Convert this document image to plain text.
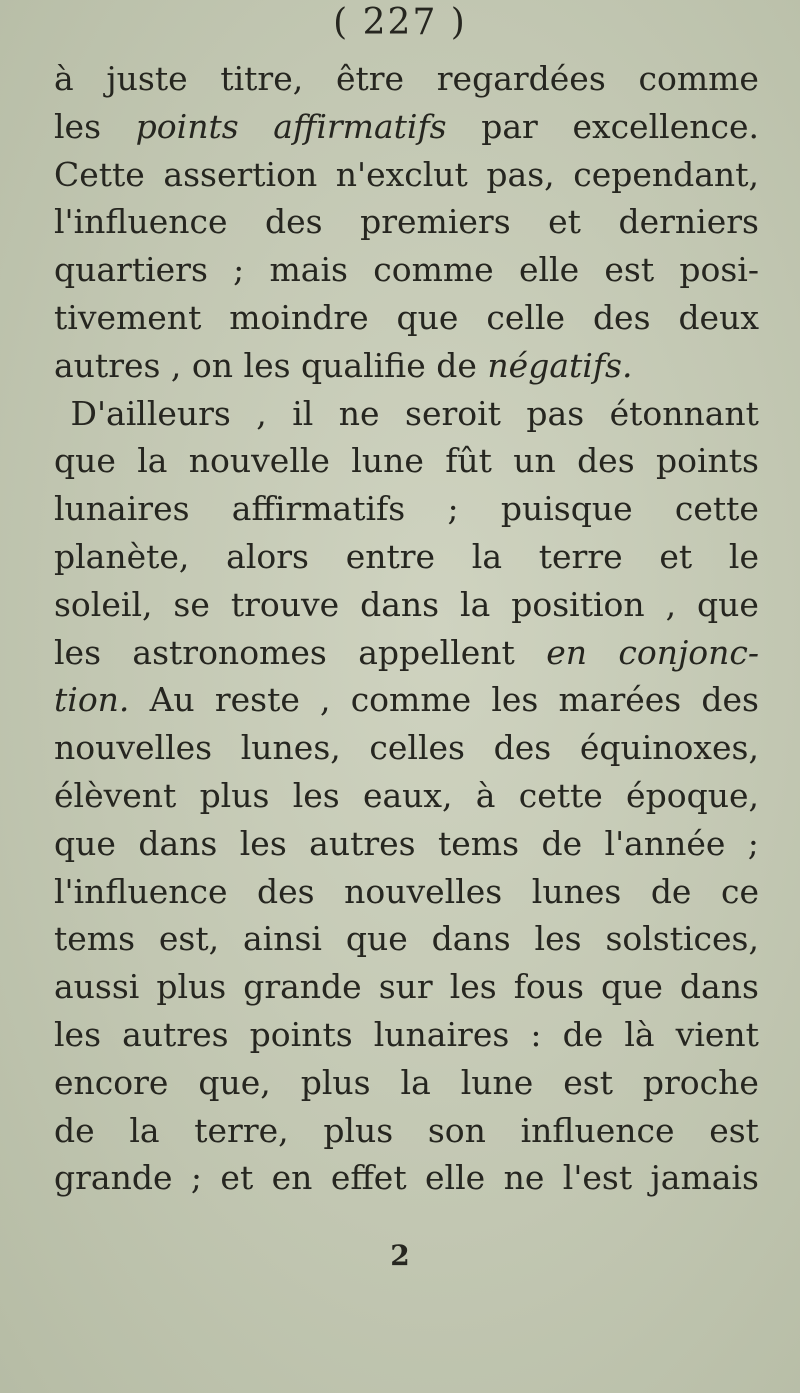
( 227 )
à juste titre, être regardées comme
les points affirmatifs par excellence.
Cette assertion n'exclut pas, cependant,
l'influence des premiers et derniers
quartiers ; mais comme elle est posi-
tivement moindre que celle des deux
autres , on les qualifie de négatifs.
D'ailleurs , il ne seroit pas étonnant
que la nouvelle lune fût un des points
lunaires affirmatifs ; puisque cette
planète, alors entre la terre et le
soleil, se trouve dans la position , que
les astronomes appellent en conjonc-
tion. Au reste , comme les marées des
nouvelles lunes, celles des équinoxes,
élèvent plus les eaux, à cette époque,
que dans les autres tems de l'année ;
l'influence des nouvelles lunes de ce
tems est, ainsi que dans les solstices,
aussi plus grande sur les fous que dans
les autres points lunaires : de là vient
encore que, plus la lune est proche
de la terre, plus son influence est
grande ; et en effet elle ne l'est jamais
2
